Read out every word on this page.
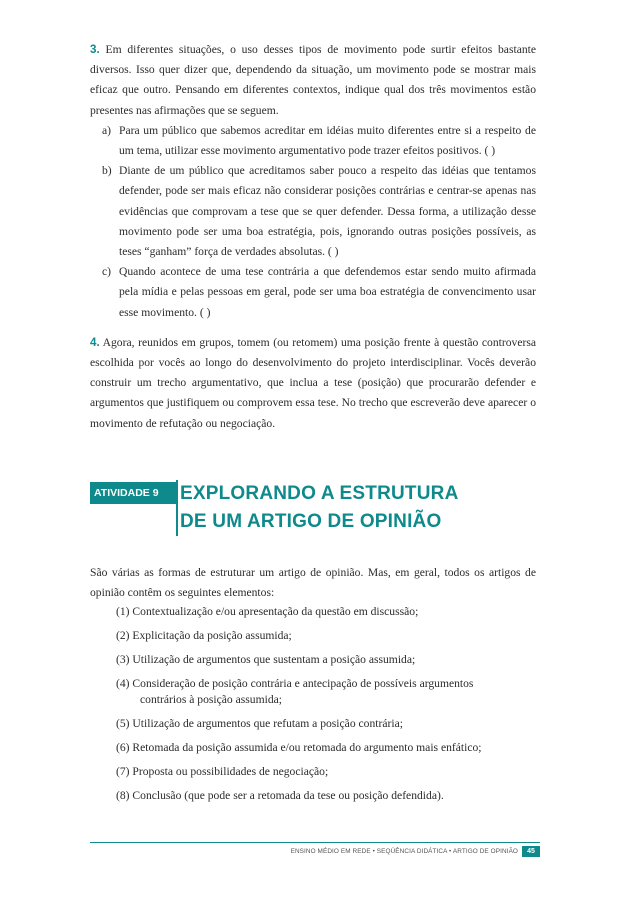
3. Em diferentes situações, o uso desses tipos de movimento pode surtir efeitos bastante diversos. Isso quer dizer que, dependendo da situação, um movimento pode se mostrar mais eficaz que outro. Pensando em diferentes contextos, indique qual dos três movimentos estão presentes nas afirmações que se seguem.

a) Para um público que sabemos acreditar em idéias muito diferentes entre si a respeito de um tema, utilizar esse movimento argumentativo pode trazer efeitos positivos. ( )
b) Diante de um público que acreditamos saber pouco a respeito das idéias que tentamos defender, pode ser mais eficaz não considerar posições contrárias e centrar-se apenas nas evidências que comprovam a tese que se quer defender. Dessa forma, a utilização desse movimento pode ser uma boa estratégia, pois, ignorando outras posições possíveis, as teses “ganham” força de verdades absolutas. ( )
c) Quando acontece de uma tese contrária a que defendemos estar sendo muito afirmada pela mídia e pelas pessoas em geral, pode ser uma boa estratégia de convencimento usar esse movimento. ( )

4. Agora, reunidos em grupos, tomem (ou retomem) uma posição frente à questão controversa escolhida por vocês ao longo do desenvolvimento do projeto interdisciplinar. Vocês deverão construir um trecho argumentativo, que inclua a tese (posição) que procurarão defender e argumentos que justifiquem ou comprovem essa tese. No trecho que escreverão deve aparecer o movimento de refutação ou negociação.

ATIVIDADE 9	EXPLORANDO A ESTRUTURA
DE UM ARTIGO DE OPINIÃO

São várias as formas de estruturar um artigo de opinião. Mas, em geral, todos os artigos de opinião contêm os seguintes elementos:

(1) Contextualização e/ou apresentação da questão em discussão;
(2) Explicitação da posição assumida;
(3) Utilização de argumentos que sustentam a posição assumida;
(4) Consideração de posição contrária e antecipação de possíveis argumentos
contrários à posição assumida;
(5) Utilização de argumentos que refutam a posição contrária;
(6) Retomada da posição assumida e/ou retomada do argumento mais enfático;
(7) Proposta ou possibilidades de negociação;
(8) Conclusão (que pode ser a retomada da tese ou posição defendida).
ENSINO MÉDIO EM REDE • SEQÜÊNCIA DIDÁTICA • ARTIGO DE OPINIÃO	45
